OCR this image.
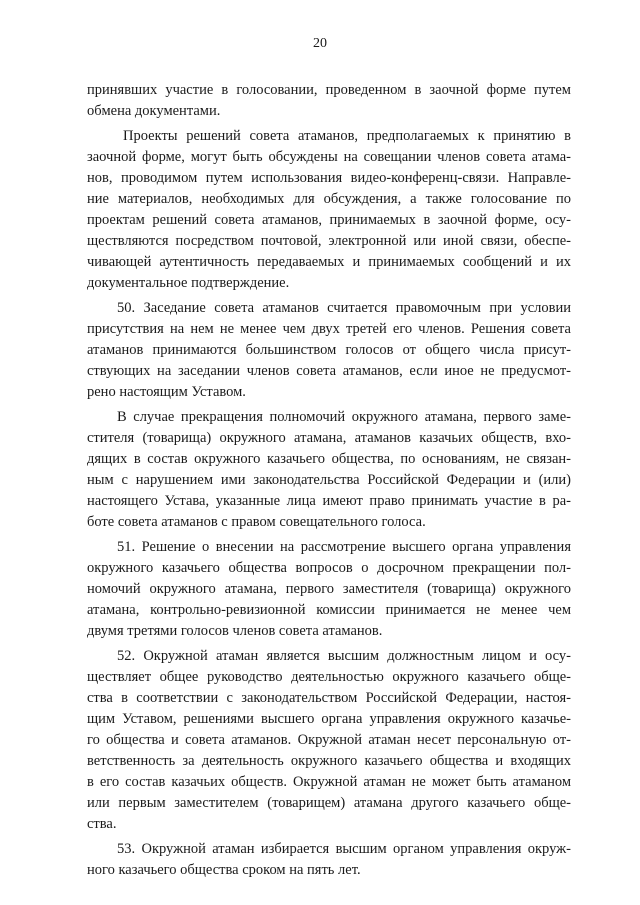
20
принявших участие в голосовании, проведенном в заочной форме путем
обмена документами.
Проекты решений совета атаманов, предполагаемых к принятию в
заочной форме, могут быть обсуждены на совещании членов совета атама-
нов, проводимом путем использования видео-конференц-связи. Направле-
ние материалов, необходимых для обсуждения, а также голосование по
проектам решений совета атаманов, принимаемых в заочной форме, осу-
ществляются посредством почтовой, электронной или иной связи, обеспе-
чивающей аутентичность передаваемых и принимаемых сообщений и их
документальное подтверждение.
50. Заседание совета атаманов считается правомочным при условии
присутствия на нем не менее чем двух третей его членов. Решения совета
атаманов принимаются большинством голосов от общего числа присут-
ствующих на заседании членов совета атаманов, если иное не предусмот-
рено настоящим Уставом.
В случае прекращения полномочий окружного атамана, первого заме-
стителя (товарища) окружного атамана, атаманов казачьих обществ, вхо-
дящих в состав окружного казачьего общества, по основаниям, не связан-
ным с нарушением ими законодательства Российской Федерации и (или)
настоящего Устава, указанные лица имеют право принимать участие в ра-
боте совета атаманов с правом совещательного голоса.
51. Решение о внесении на рассмотрение высшего органа управления
окружного казачьего общества вопросов о досрочном прекращении пол-
номочий окружного атамана, первого заместителя (товарища) окружного
атамана, контрольно-ревизионной комиссии принимается не менее чем
двумя третями голосов членов совета атаманов.
52. Окружной атаман является высшим должностным лицом и осу-
ществляет общее руководство деятельностью окружного казачьего обще-
ства в соответствии с законодательством Российской Федерации, настоя-
щим Уставом, решениями высшего органа управления окружного казачье-
го общества и совета атаманов. Окружной атаман несет персональную от-
ветственность за деятельность окружного казачьего общества и входящих
в его состав казачьих обществ. Окружной атаман не может быть атаманом
или первым заместителем (товарищем) атамана другого казачьего обще-
ства.
53. Окружной атаман избирается высшим органом управления окруж-
ного казачьего общества сроком на пять лет.
